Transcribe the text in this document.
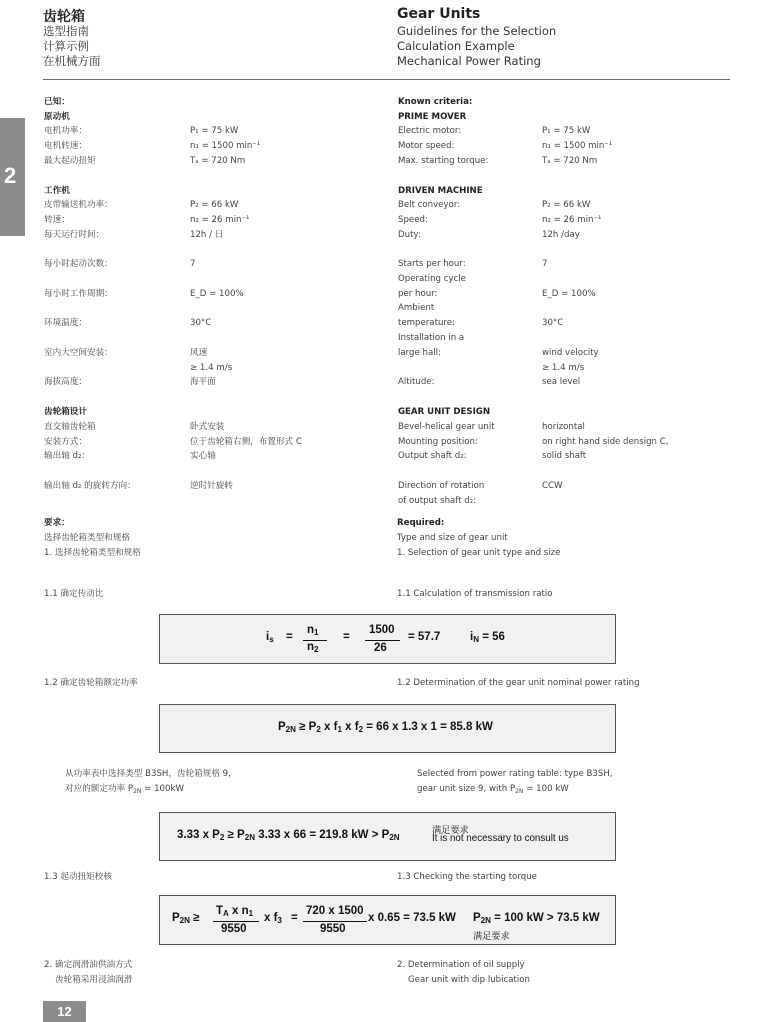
齿轮箱
选型指南
计算示例
在机械方面
Gear Units
Guidelines for the Selection
Calculation Example
Mechanical Power Rating
2
已知：	Known criteria:
原动机	PRIME MOVER
电机功率：	P₁ = 75 kW	Electric motor:	P₁ = 75 kW
电机转速：	n₁ = 1500 min⁻¹	Motor speed:	n₁ = 1500 min⁻¹
最大起动扭矩	Tₐ = 720 Nm	Max. starting torque:	Tₐ = 720 Nm
工作机	DRIVEN MACHINE
皮带输送机功率：	P₂ = 66 kW	Belt conveyor:	P₂ = 66 kW
转速：	n₂ = 26 min⁻¹	Speed:	n₂ = 26 min⁻¹
每天运行时间：	12h / 日	Duty:	12h /day
每小时起动次数：	7	Starts per hour:	7
Operating cycle
每小时工作周期：	E_D = 100%	per hour:	E_D = 100%
Ambient
环境温度：	30°C	temperature:	30°C
Installation in a
室内大空间安装：	风速	large hall:	wind velocity
≥ 1.4 m/s	≥ 1.4 m/s
海拔高度：	海平面	Altitude:	sea level
齿轮箱设计	GEAR UNIT DESIGN
直交轴齿轮箱	卧式安装	Bevel-helical gear unit	horizontal
安装方式：	位于齿轮箱右侧，布置形式 C	Mounting position:	on right hand side densign C,
输出轴 d₂：	实心轴	Output shaft d₂:	solid shaft
输出轴 d₂ 的旋转方向：	逆时针旋转	Direction of rotation	CCW
of output shaft d₂:
要求：	Required:
选择齿轮箱类型和规格	Type and size of gear unit
1. 选择齿轮箱类型和规格	1. Selection of gear unit type and size
1.1 确定传动比	1.1 Calculation of transmission ratio
$i_s$ =
$n_1$
$n_2$
=
1500
26
= 57.7	$i_N = 56$
1.2 确定齿轮箱额定功率	1.2 Determination of the gear unit nominal power rating
$P_{2N} \ge P_2$ x $f_1$ x $f_2 = 66$ x 1.3 x 1 = 85.8 kW
从功率表中选择类型 B3SH，齿轮箱规格 9，
对应的额定功率 $P_{2N} = 100kW$
Selected from power rating table: type B3SH,
gear unit size 9, with $P_{2N} = 100$ kW
3.33 x $P_2 \ge P_{2N}$ 3.33 x 66 = 219.8 kW > $P_{2N}$
满足要求
It is not necessary to consult us
1.3 起动扭矩校核	1.3 Checking the starting torque
$P_{2N}$ ≥
$T_A$ x $n_1$
9550
x $f_3$ =
720 x 1500
9550
x 0.65 = 73.5 kW $P_{2N} = 100$ kW > 73.5 kW
满足要求
2. 确定润滑油供油方式
齿轮箱采用浸油润滑
2. Determination of oil supply
Gear unit with dip lubication
12
